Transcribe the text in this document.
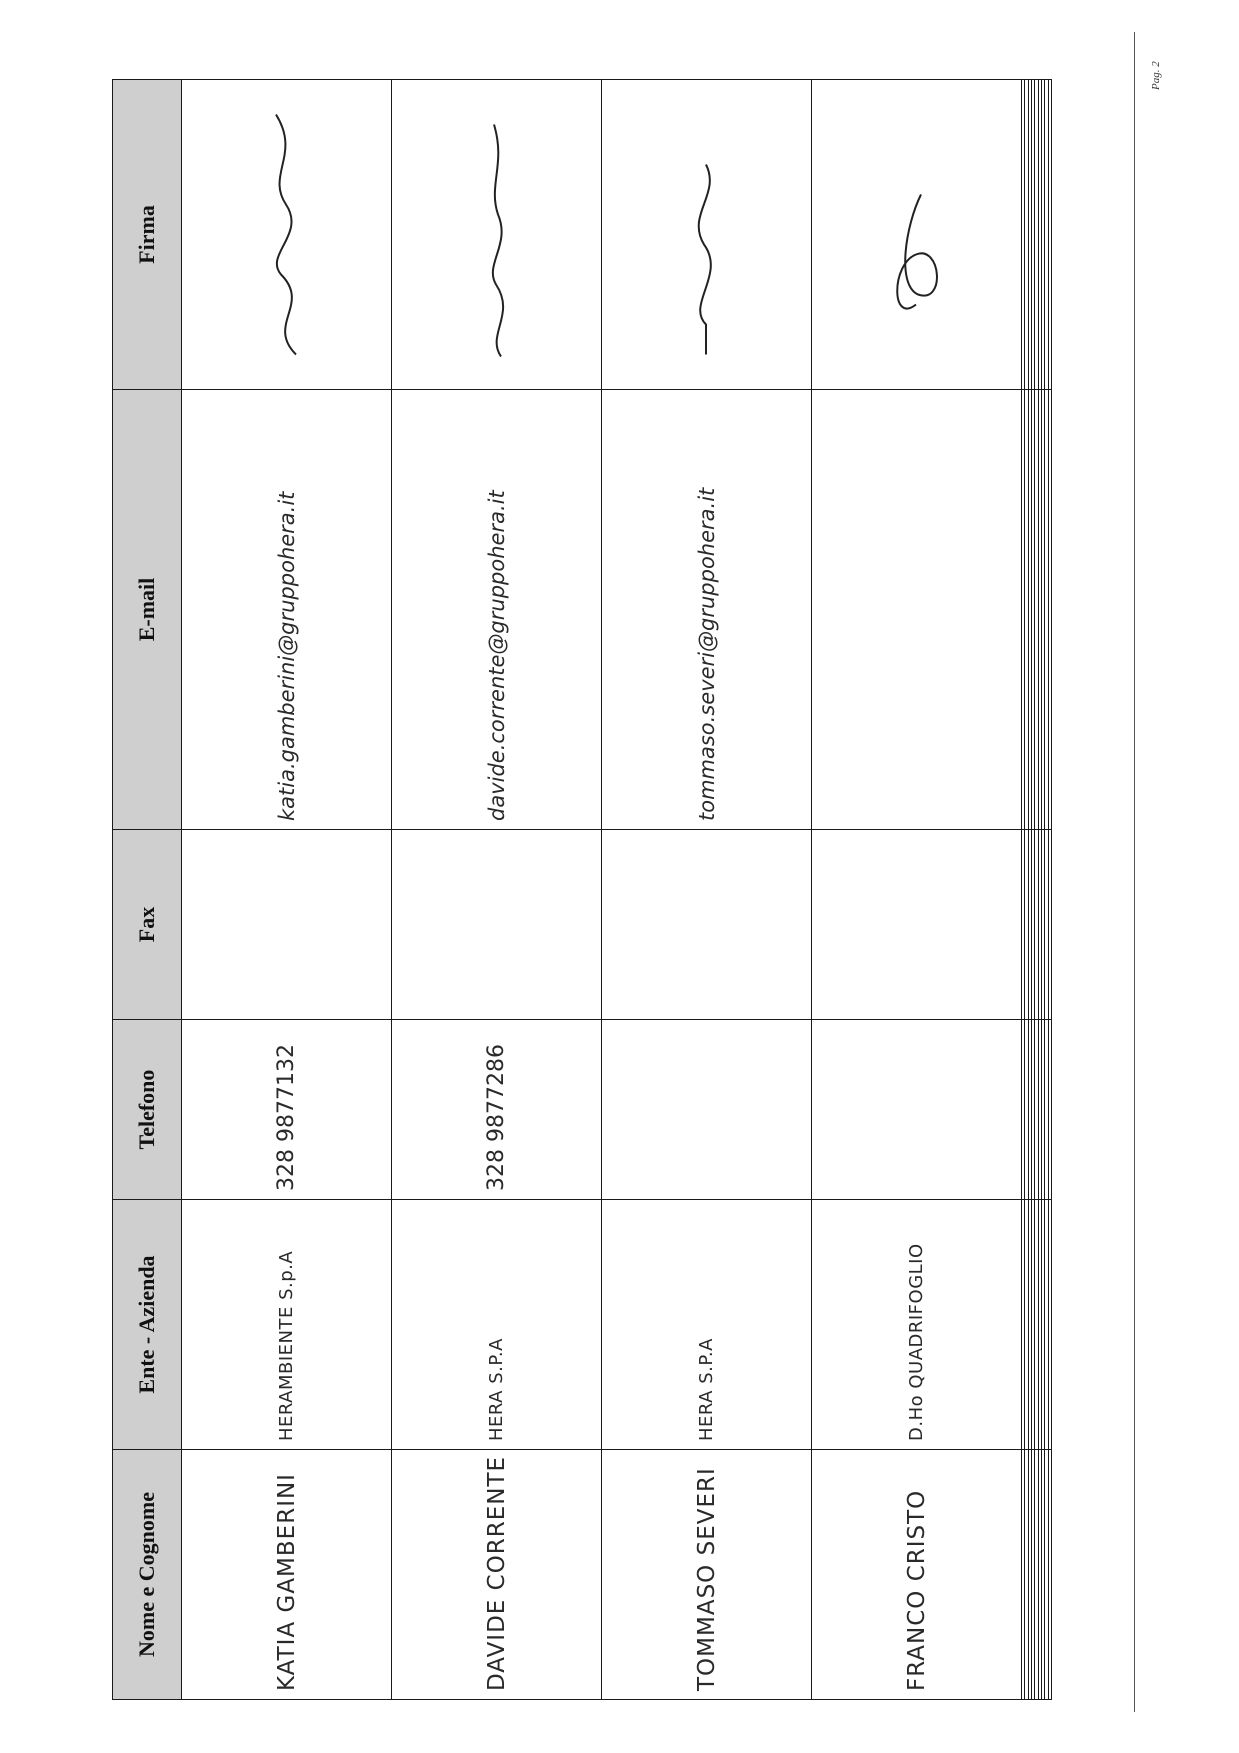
Pag. 2
Nome e Cognome	Ente - Azienda	Telefono	Fax	E-mail	Firma
KATIA GAMBERINI	HERAMBIENTE S.p.A	328 9877132		katia.gamberini@gruppohera.it	

DAVIDE CORRENTE	HERA S.P.A	328 9877286		davide.corrente@gruppohera.it	

TOMMASO SEVERI	HERA S.P.A			tommaso.severi@gruppohera.it	

FRANCO CRISTO	D.Ho QUADRIFOGLIO				
